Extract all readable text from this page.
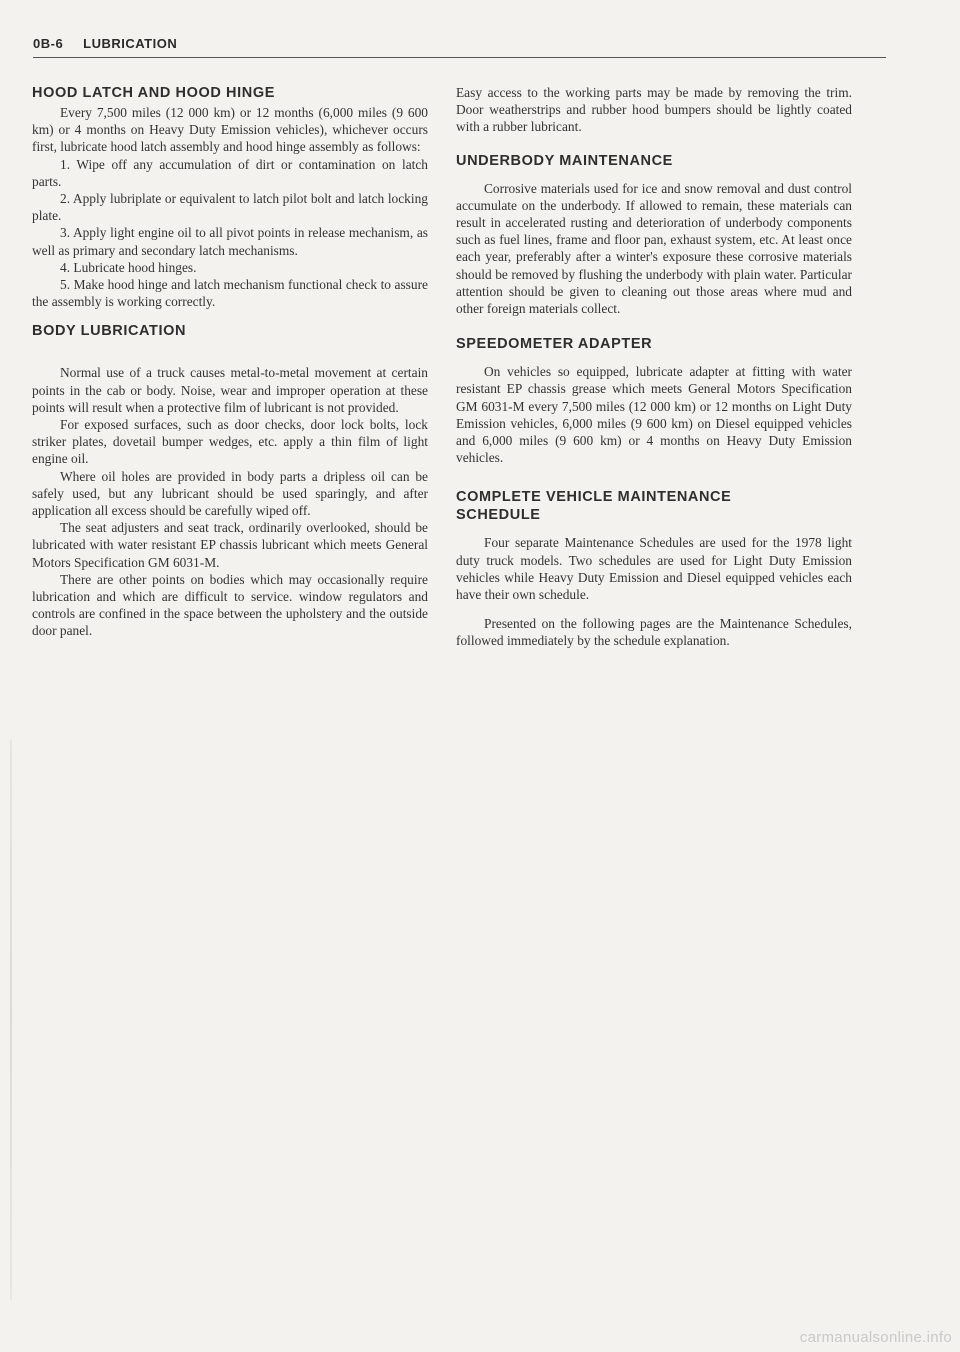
0B-6 LUBRICATION
HOOD LATCH AND HOOD HINGE

Every 7,500 miles (12 000 km) or 12 months (6,000 miles (9 600 km) or 4 months on Heavy Duty Emission vehicles), whichever occurs first, lubricate hood latch assembly and hood hinge assembly as follows:

1. Wipe off any accumulation of dirt or contamination on latch parts.

2. Apply lubriplate or equivalent to latch pilot bolt and latch locking plate.

3. Apply light engine oil to all pivot points in release mechanism, as well as primary and secondary latch mechanisms.

4. Lubricate hood hinges.

5. Make hood hinge and latch mechanism functional check to assure the assembly is working correctly.

BODY LUBRICATION

Normal use of a truck causes metal-to-metal movement at certain points in the cab or body. Noise, wear and improper operation at these points will result when a protective film of lubricant is not provided.

For exposed surfaces, such as door checks, door lock bolts, lock striker plates, dovetail bumper wedges, etc. apply a thin film of light engine oil.

Where oil holes are provided in body parts a dripless oil can be safely used, but any lubricant should be used sparingly, and after application all excess should be carefully wiped off.

The seat adjusters and seat track, ordinarily overlooked, should be lubricated with water resistant EP chassis lubricant which meets General Motors Specification GM 6031-M.

There are other points on bodies which may occasionally require lubrication and which are difficult to service. window regulators and controls are confined in the space between the upholstery and the outside door panel.

Easy access to the working parts may be made by removing the trim. Door weatherstrips and rubber hood bumpers should be lightly coated with a rubber lubricant.

UNDERBODY MAINTENANCE

Corrosive materials used for ice and snow removal and dust control accumulate on the underbody. If allowed to remain, these materials can result in accelerated rusting and deterioration of underbody components such as fuel lines, frame and floor pan, exhaust system, etc. At least once each year, preferably after a winter's exposure these corrosive materials should be removed by flushing the underbody with plain water. Particular attention should be given to cleaning out those areas where mud and other foreign materials collect.

SPEEDOMETER ADAPTER

On vehicles so equipped, lubricate adapter at fitting with water resistant EP chassis grease which meets General Motors Specification GM 6031-M every 7,500 miles (12 000 km) or 12 months on Light Duty Emission vehicles, 6,000 miles (9 600 km) on Diesel equipped vehicles and 6,000 miles (9 600 km) or 4 months on Heavy Duty Emission vehicles.

COMPLETE VEHICLE MAINTENANCE
SCHEDULE

Four separate Maintenance Schedules are used for the 1978 light duty truck models. Two schedules are used for Light Duty Emission vehicles while Heavy Duty Emission and Diesel equipped vehicles each have their own schedule.

Presented on the following pages are the Maintenance Schedules, followed immediately by the schedule explanation.

carmanualsonline.info
